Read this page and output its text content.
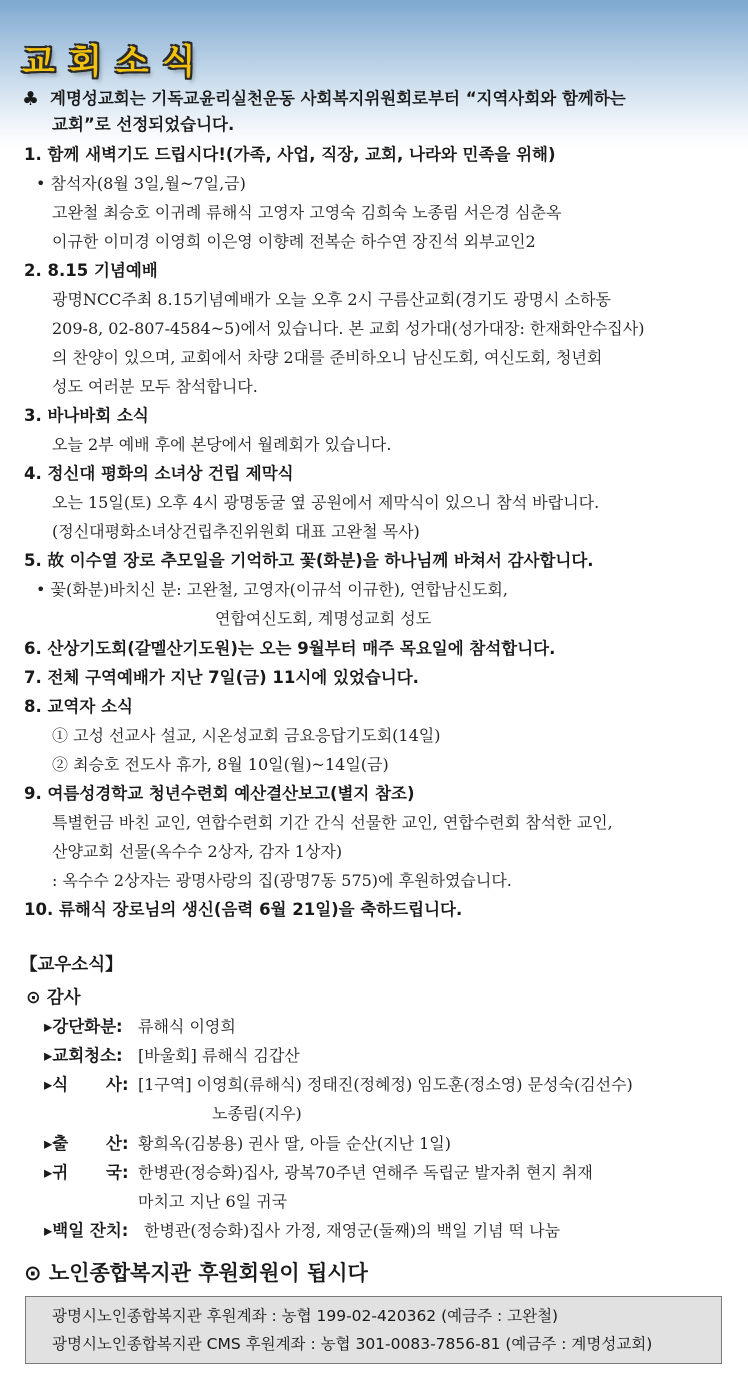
교회소식
♣ 계명성교회는 기독교윤리실천운동 사회복지위원회로부터 “지역사회와 함께하는
교회”로 선정되었습니다.
1. 함께 새벽기도 드립시다!(가족, 사업, 직장, 교회, 나라와 민족을 위해)
• 참석자(8월 3일,월~7일,금)
고완철 최승호 이귀례 류해식 고영자 고영숙 김희숙 노종림 서은경 심춘옥
이규한 이미경 이영희 이은영 이향례 전복순 하수연 장진석 외부교인2
2. 8.15 기념예배
광명NCC주최 8.15기념예배가 오늘 오후 2시 구름산교회(경기도 광명시 소하동
209-8, 02-807-4584~5)에서 있습니다. 본 교회 성가대(성가대장: 한재화안수집사)
의 찬양이 있으며, 교회에서 차량 2대를 준비하오니 남신도회, 여신도회, 청년회
성도 여러분 모두 참석합니다.
3. 바나바회 소식
오늘 2부 예배 후에 본당에서 월례회가 있습니다.
4. 정신대 평화의 소녀상 건립 제막식
오는 15일(토) 오후 4시 광명동굴 옆 공원에서 제막식이 있으니 참석 바랍니다.
(정신대평화소녀상건립추진위원회 대표 고완철 목사)
5. 故 이수열 장로 추모일을 기억하고 꽃(화분)을 하나님께 바쳐서 감사합니다.
• 꽃(화분)바치신 분: 고완철, 고영자(이규석 이규한), 연합남신도회,
연합여신도회, 계명성교회 성도
6. 산상기도회(갈멜산기도원)는 오는 9월부터 매주 목요일에 참석합니다.
7. 전체 구역예배가 지난 7일(금) 11시에 있었습니다.
8. 교역자 소식
① 고성 선교사 설교, 시온성교회 금요응답기도회(14일)
② 최승호 전도사 휴가, 8월 10일(월)~14일(금)
9. 여름성경학교 청년수련회 예산결산보고(별지 참조)
특별헌금 바친 교인, 연합수련회 기간 간식 선물한 교인, 연합수련회 참석한 교인,
산양교회 선물(옥수수 2상자, 감자 1상자)
: 옥수수 2상자는 광명사랑의 집(광명7동 575)에 후원하였습니다.
10. 류해식 장로님의 생신(음력 6월 21일)을 축하드립니다.
【교우소식】
⊙ 감사
▸강단화분: 류해식 이영희
▸교회청소: [바울회] 류해식 김갑산
▸식 사: [1구역] 이영희(류해식) 정태진(정혜정) 임도훈(정소영) 문성숙(김선수)
노종림(지우)
▸출 산: 황희옥(김봉용) 권사 딸, 아들 순산(지난 1일)
▸귀 국: 한병관(정승화)집사, 광복70주년 연해주 독립군 발자취 현지 취재
마치고 지난 6일 귀국
▸백일 잔치: 한병관(정승화)집사 가정, 재영군(둘째)의 백일 기념 떡 나눔
⊙ 노인종합복지관 후원회원이 됩시다
광명시노인종합복지관 후원계좌 : 농협 199-02-420362 (예금주 : 고완철)
광명시노인종합복지관 CMS 후원계좌 : 농협 301-0083-7856-81 (예금주 : 계명성교회)
